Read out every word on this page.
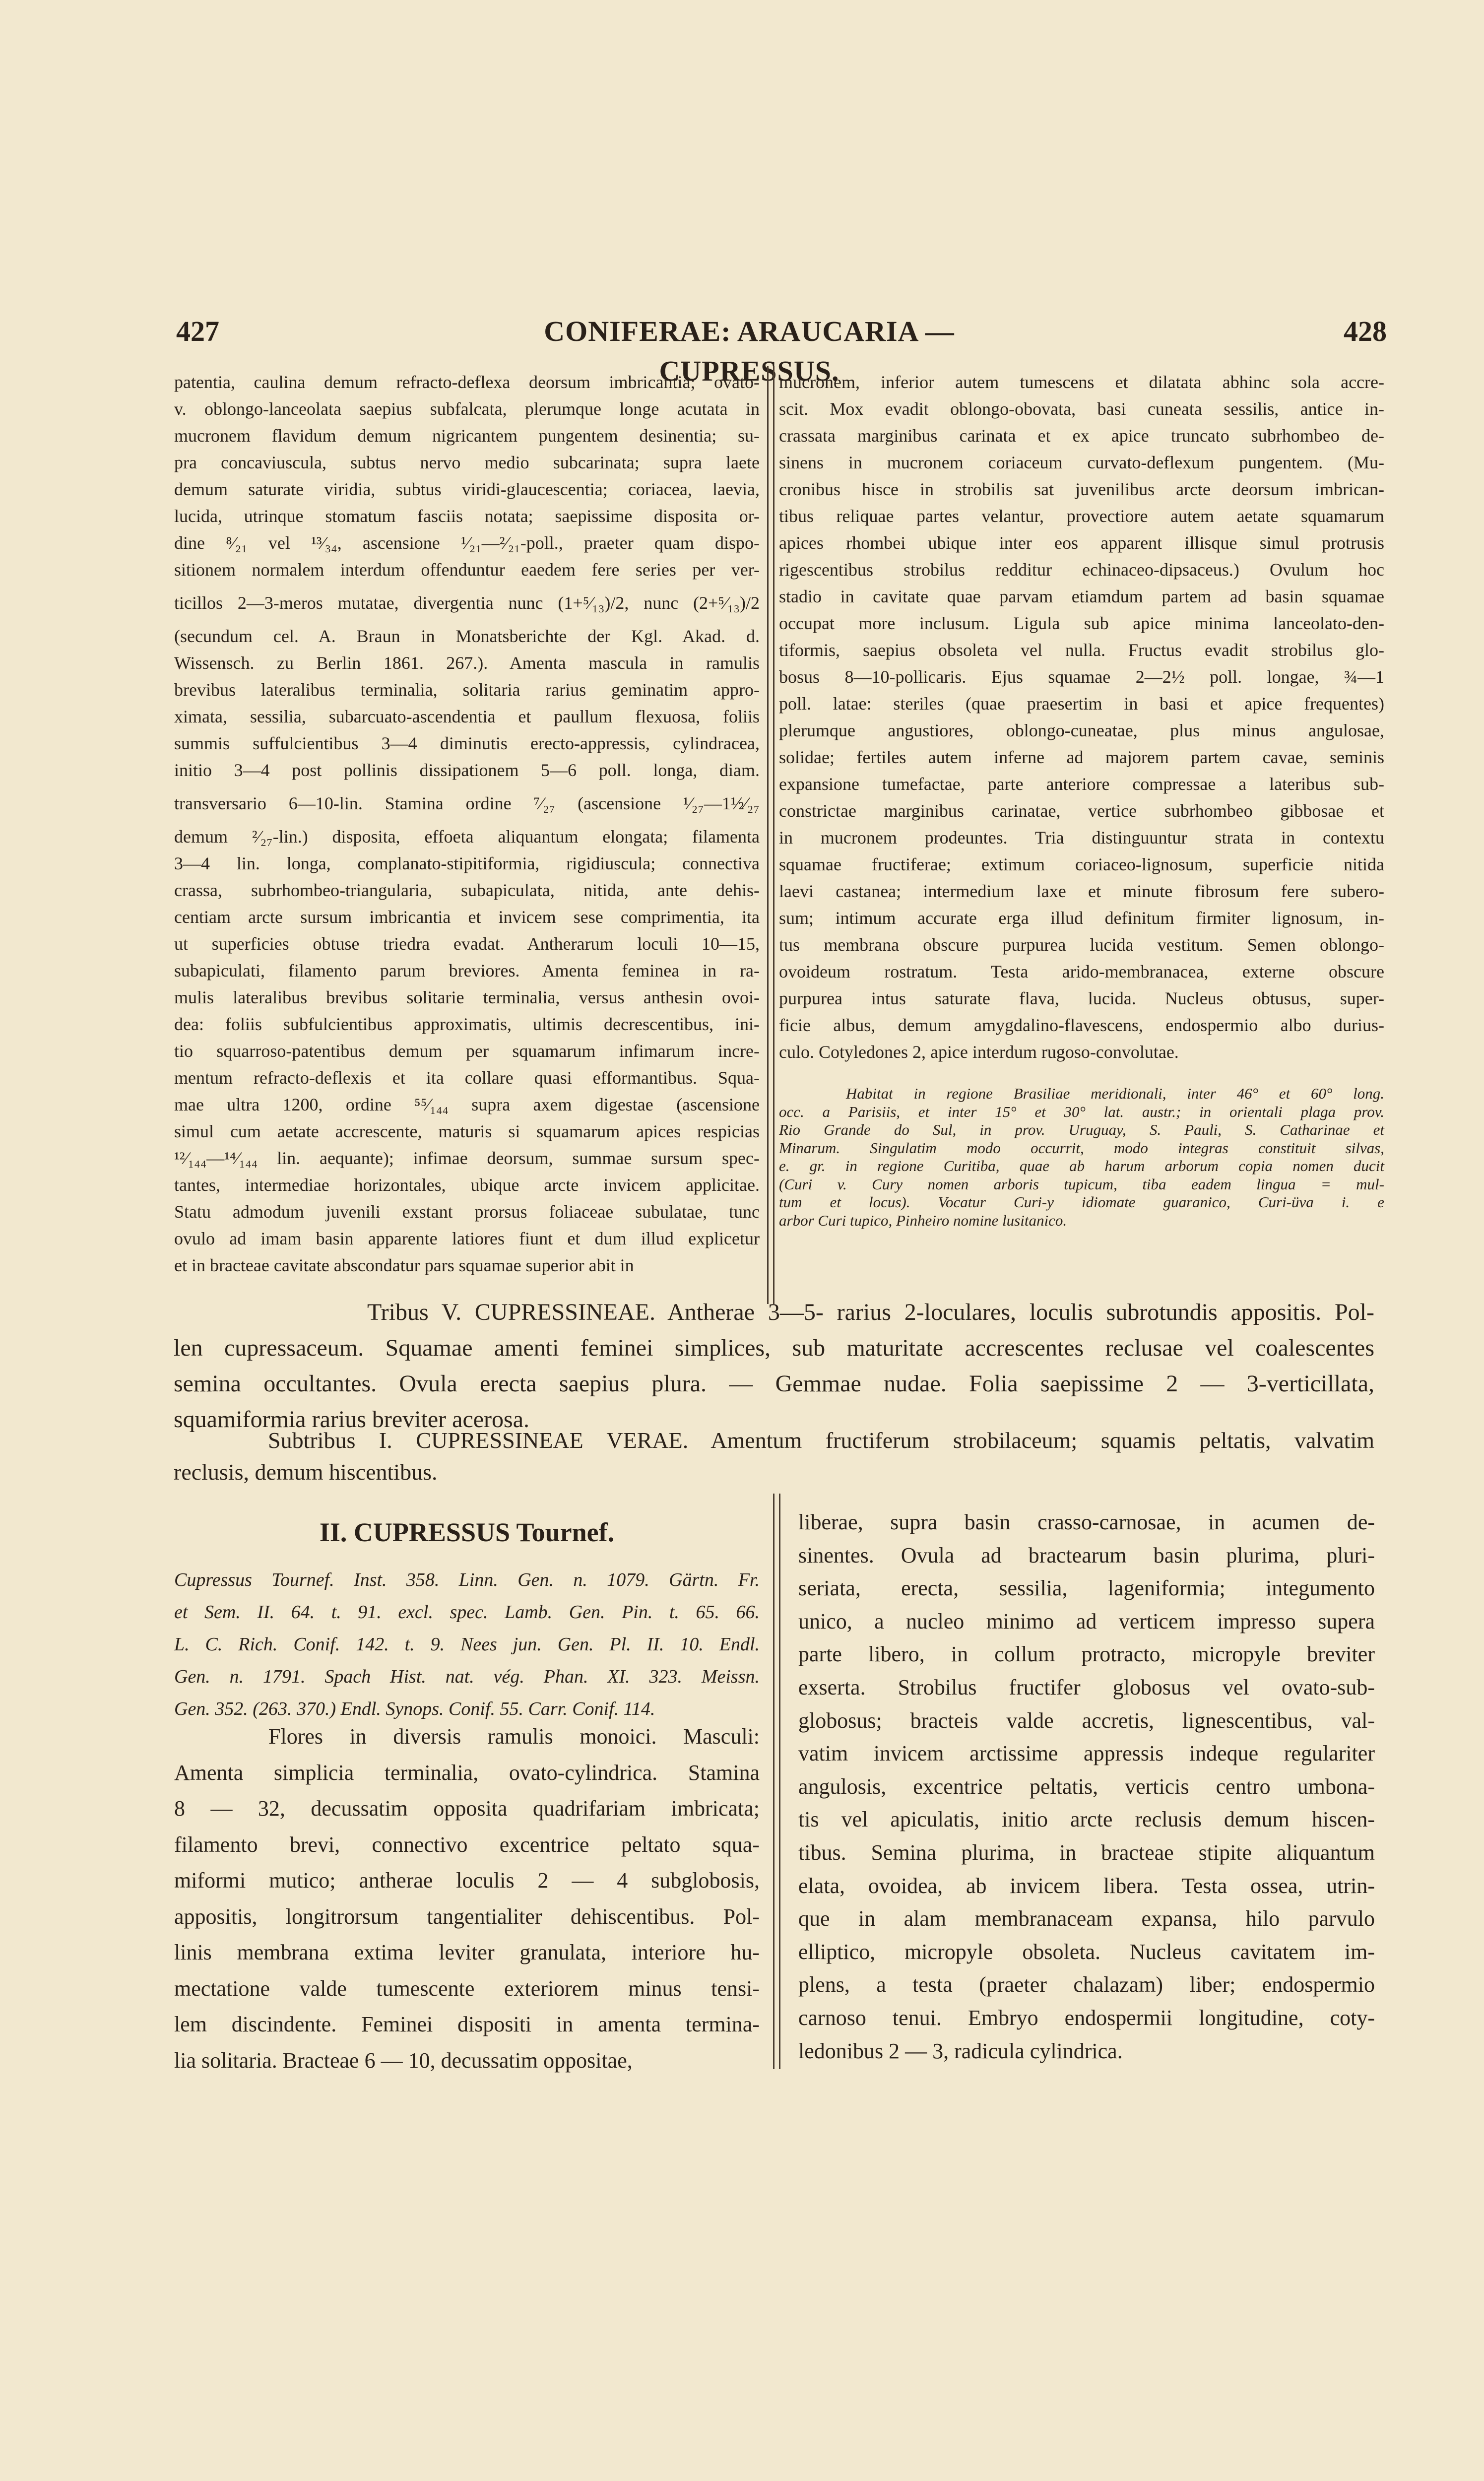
427	CONIFERAE: ARAUCARIA — CUPRESSUS.
428
patentia, caulina demum refracto-deflexa deorsum imbricantia; ovato-
v. oblongo-lanceolata saepius subfalcata, plerumque longe acutata in
mucronem flavidum demum nigricantem pungentem desinentia; su-
pra concaviuscula, subtus nervo medio subcarinata; supra laete
demum saturate viridia, subtus viridi-glaucescentia; coriacea, laevia,
lucida, utrinque stomatum fasciis notata; saepissime disposita or-
dine ⁸⁄₂₁ vel ¹³⁄₃₄, ascensione ¹⁄₂₁—²⁄₂₁-poll., praeter quam dispo-
sitionem normalem interdum offenduntur eaedem fere series per ver-
ticillos 2—3-meros mutatae, divergentia nunc (1+⁵⁄₁₃)/2, nunc (2+⁵⁄₁₃)/2
(secundum cel. A. Braun in Monatsberichte der Kgl. Akad. d.
Wissensch. zu Berlin 1861. 267.). Amenta mascula in ramulis
brevibus lateralibus terminalia, solitaria rarius geminatim appro-
ximata, sessilia, subarcuato-ascendentia et paullum flexuosa, foliis
summis suffulcientibus 3—4 diminutis erecto-appressis, cylindracea,
initio 3—4 post pollinis dissipationem 5—6 poll. longa, diam.
transversario 6—10-lin. Stamina ordine ⁷⁄₂₇ (ascensione ¹⁄₂₇—1½⁄₂₇
demum ²⁄₂₇-lin.) disposita, effoeta aliquantum elongata; filamenta
3—4 lin. longa, complanato-stipitiformia, rigidiuscula; connectiva
crassa, subrhombeo-triangularia, subapiculata, nitida, ante dehis-
centiam arcte sursum imbricantia et invicem sese comprimentia, ita
ut superficies obtuse triedra evadat. Antherarum loculi 10—15,
subapiculati, filamento parum breviores. Amenta feminea in ra-
mulis lateralibus brevibus solitarie terminalia, versus anthesin ovoi-
dea: foliis subfulcientibus approximatis, ultimis decrescentibus, ini-
tio squarroso-patentibus demum per squamarum infimarum incre-
mentum refracto-deflexis et ita collare quasi efformantibus. Squa-
mae ultra 1200, ordine ⁵⁵⁄₁₄₄ supra axem digestae (ascensione
simul cum aetate accrescente, maturis si squamarum apices respicias
¹²⁄₁₄₄—¹⁴⁄₁₄₄ lin. aequante); infimae deorsum, summae sursum spec-
tantes, intermediae horizontales, ubique arcte invicem applicitae.
Statu admodum juvenili exstant prorsus foliaceae subulatae, tunc
ovulo ad imam basin apparente latiores fiunt et dum illud explicetur
et in bracteae cavitate abscondatur pars squamae superior abit in
mucronem, inferior autem tumescens et dilatata abhinc sola accre-
scit. Mox evadit oblongo-obovata, basi cuneata sessilis, antice in-
crassata marginibus carinata et ex apice truncato subrhombeo de-
sinens in mucronem coriaceum curvato-deflexum pungentem. (Mu-
cronibus hisce in strobilis sat juvenilibus arcte deorsum imbrican-
tibus reliquae partes velantur, provectiore autem aetate squamarum
apices rhombei ubique inter eos apparent illisque simul protrusis
rigescentibus strobilus redditur echinaceo-dipsaceus.) Ovulum hoc
stadio in cavitate quae parvam etiamdum partem ad basin squamae
occupat more inclusum. Ligula sub apice minima lanceolato-den-
tiformis, saepius obsoleta vel nulla. Fructus evadit strobilus glo-
bosus 8—10-pollicaris. Ejus squamae 2—2½ poll. longae, ¾—1
poll. latae: steriles (quae praesertim in basi et apice frequentes)
plerumque angustiores, oblongo-cuneatae, plus minus angulosae,
solidae; fertiles autem inferne ad majorem partem cavae, seminis
expansione tumefactae, parte anteriore compressae a lateribus sub-
constrictae marginibus carinatae, vertice subrhombeo gibbosae et
in mucronem prodeuntes. Tria distinguuntur strata in contextu
squamae fructiferae; extimum coriaceo-lignosum, superficie nitida
laevi castanea; intermedium laxe et minute fibrosum fere subero-
sum; intimum accurate erga illud definitum firmiter lignosum, in-
tus membrana obscure purpurea lucida vestitum. Semen oblongo-
ovoideum rostratum. Testa arido-membranacea, externe obscure
purpurea intus saturate flava, lucida. Nucleus obtusus, super-
ficie albus, demum amygdalino-flavescens, endospermio albo durius-
culo. Cotyledones 2, apice interdum rugoso-convolutae.
Habitat in regione Brasiliae meridionali, inter 46° et 60° long.
occ. a Parisiis, et inter 15° et 30° lat. austr.; in orientali plaga prov.
Rio Grande do Sul, in prov. Uruguay, S. Pauli, S. Catharinae et
Minarum. Singulatim modo occurrit, modo integras constituit silvas,
e. gr. in regione Curitiba, quae ab harum arborum copia nomen ducit
(Curi v. Cury nomen arboris tupicum, tiba eadem lingua = mul-
tum et locus). Vocatur Curi-y idiomate guaranico, Curi-üva i. e
arbor Curi tupico, Pinheiro nomine lusitanico.
Tribus V. CUPRESSINEAE. Antherae 3—5- rarius 2-loculares, loculis subrotundis appositis. Pol-
len cupressaceum. Squamae amenti feminei simplices, sub maturitate accrescentes reclusae vel coalescentes
semina occultantes. Ovula erecta saepius plura. — Gemmae nudae. Folia saepissime 2 — 3-verticillata,
squamiformia rarius breviter acerosa.
Subtribus I. CUPRESSINEAE VERAE. Amentum fructiferum strobilaceum; squamis peltatis, valvatim
reclusis, demum hiscentibus.
II. CUPRESSUS Tournef.
Cupressus Tournef. Inst. 358. Linn. Gen. n. 1079. Gärtn. Fr.
et Sem. II. 64. t. 91. excl. spec. Lamb. Gen. Pin. t. 65. 66.
L. C. Rich. Conif. 142. t. 9. Nees jun. Gen. Pl. II. 10. Endl.
Gen. n. 1791. Spach Hist. nat. vég. Phan. XI. 323. Meissn.
Gen. 352. (263. 370.) Endl. Synops. Conif. 55. Carr. Conif. 114.
Flores in diversis ramulis monoici. Masculi:
Amenta simplicia terminalia, ovato-cylindrica. Stamina
8 — 32, decussatim opposita quadrifariam imbricata;
filamento brevi, connectivo excentrice peltato squa-
miformi mutico; antherae loculis 2 — 4 subglobosis,
appositis, longitrorsum tangentialiter dehiscentibus. Pol-
linis membrana extima leviter granulata, interiore hu-
mectatione valde tumescente exteriorem minus tensi-
lem discindente. Feminei dispositi in amenta termina-
lia solitaria. Bracteae 6 — 10, decussatim oppositae,
liberae, supra basin crasso-carnosae, in acumen de-
sinentes. Ovula ad bractearum basin plurima, pluri-
seriata, erecta, sessilia, lageniformia; integumento
unico, a nucleo minimo ad verticem impresso supera
parte libero, in collum protracto, micropyle breviter
exserta. Strobilus fructifer globosus vel ovato-sub-
globosus; bracteis valde accretis, lignescentibus, val-
vatim invicem arctissime appressis indeque regulariter
angulosis, excentrice peltatis, verticis centro umbona-
tis vel apiculatis, initio arcte reclusis demum hiscen-
tibus. Semina plurima, in bracteae stipite aliquantum
elata, ovoidea, ab invicem libera. Testa ossea, utrin-
que in alam membranaceam expansa, hilo parvulo
elliptico, micropyle obsoleta. Nucleus cavitatem im-
plens, a testa (praeter chalazam) liber; endospermio
carnoso tenui. Embryo endospermii longitudine, coty-
ledonibus 2 — 3, radicula cylindrica.
